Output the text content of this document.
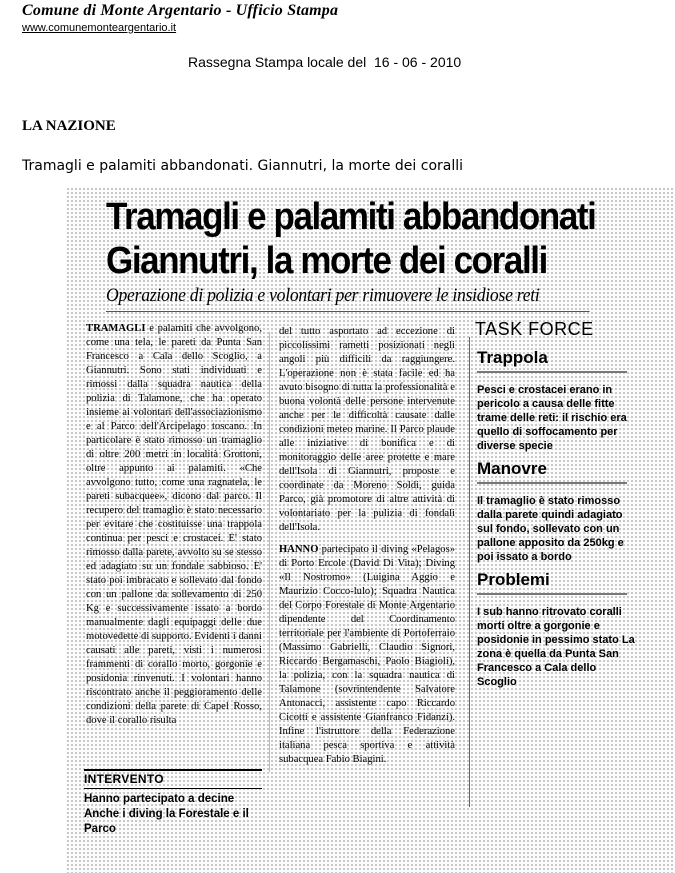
Comune di Monte Argentario - Ufficio Stampa
www.comunemonteargentario.it
Rassegna Stampa locale del  16 - 06 - 2010
LA NAZIONE
Tramagli e palamiti abbandonati. Giannutri, la morte dei coralli
Tramagli e palamiti abbandonati
Giannutri, la morte dei coralli
Operazione di polizia e volontari per rimuovere le insidiose reti

TRAMAGLI e palamiti che avvolgono, come una tela, le pareti da Punta San Francesco a Cala dello Scoglio, a Giannutri. Sono stati individuati e rimossi dalla squadra nautica della polizia di Talamone, che ha operato insieme ai volontari dell'associazionismo e al Parco dell'Arcipelago toscano. In particolare è stato rimosso un tramaglio di oltre 200 metri in località Grottoni, oltre appunto ai palamiti. «Che avvolgono tutto, come una ragnatela, le pareti subacquee», dicono dal parco. Il recupero del tramaglio è stato necessario per evitare che costituisse una trappola continua per pesci e crostacei. E' stato rimosso dalla parete, avvolto su se stesso ed adagiato su un fondale sabbioso. E' stato poi imbracato e sollevato dal fondo con un pallone da sollevamento di 250 Kg e successivamente issato a bordo manualmente dagli equipaggi delle due motovedette di supporto. Evidenti i danni causati alle pareti, visti i numerosi frammenti di corallo morto, gorgonie e posidonia rinvenuti. I volontari hanno riscontrato anche il peggioramento delle condizioni della parete di Capel Rosso, dove il corallo risulta

del tutto asportato ad eccezione di piccolissimi rametti posizionati negli angoli più difficili da raggiungere. L'operazione non è stata facile ed ha avuto bisogno di tutta la professionalità e buona volontà delle persone intervenute anche per le difficoltà causate dalle condizioni meteo marine. Il Parco plaude alle iniziative di bonifica e di monitoraggio delle aree protette e mare dell'Isola di Giannutri, proposte e coordinate da Moreno Soldi, guida Parco, già promotore di altre attività di volontariato per la pulizia di fondali dell'Isola.

HANNO partecipato il diving «Pelagos» di Porto Ercole (David Di Vita); Diving «Il Nostromo» (Luigina Aggio e Maurizio Cocco-lulo); Squadra Nautica del Corpo Forestale di Monte Argentario dipendente del Coordinamento territoriale per l'ambiente di Portoferraio (Massimo Gabrielli, Claudio Signori, Riccardo Bergamaschi, Paolo Biagioli), la polizia, con la squadra nautica di Talamone (sovrintendente Salvatore Antonacci, assistente capo Riccardo Cicotti e assistente Gianfranco Fidanzi). Infine l'istruttore della Federazione italiana pesca sportiva e attività subacquea Fabio Biagini.

INTERVENTO
Hanno partecipato a decine Anche i diving la Forestale e il Parco
TASK FORCE
Trappola
Pesci e crostacei erano in pericolo a causa delle fitte trame delle reti: il rischio era quello di soffocamento per diverse specie
Manovre
Il tramaglio è stato rimosso dalla parete quindi adagiato sul fondo, sollevato con un pallone apposito da 250kg e poi issato a bordo
Problemi
I sub hanno ritrovato coralli morti oltre a gorgonie e posidonie in pessimo stato La zona è quella da Punta San Francesco a Cala dello Scoglio
